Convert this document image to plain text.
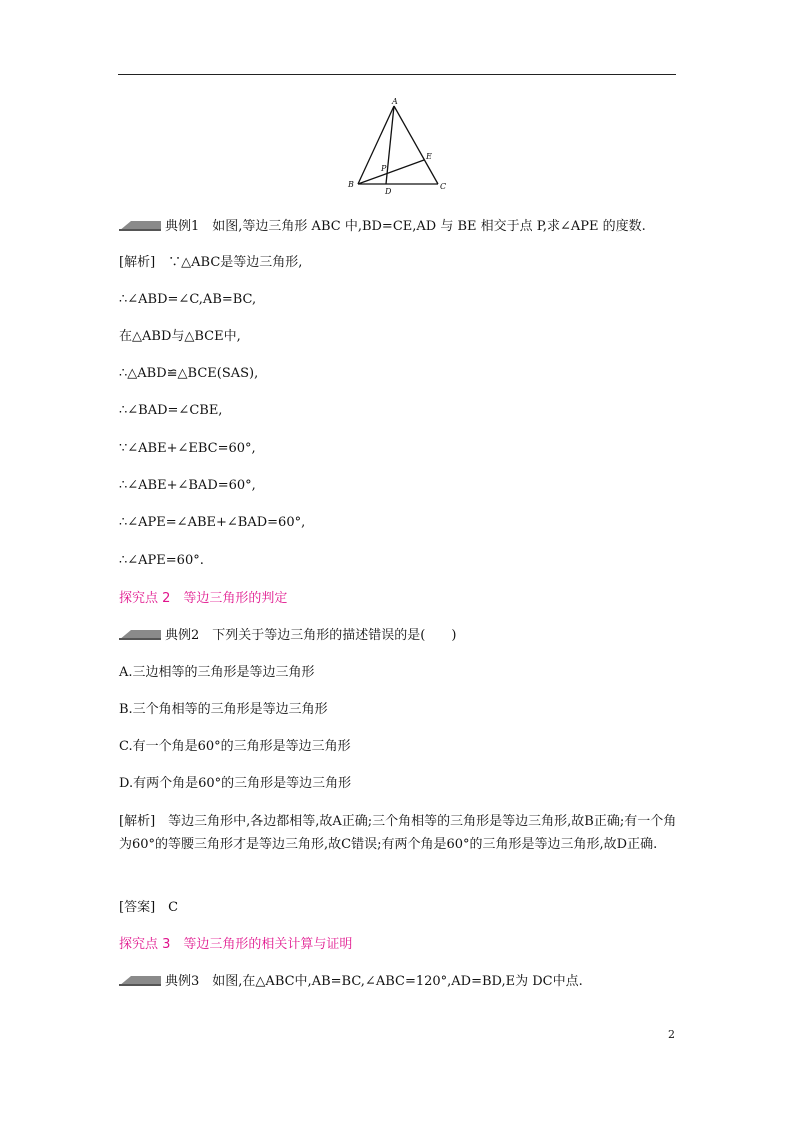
A
B	C
D
E
P
典例1　 如图,等边三角形 ABC 中,BD=CE,AD 与 BE 相交于点 P,求∠APE 的度数.
[解析]　∵△ABC是等边三角形,
∴∠ABD=∠C,AB=BC,
在△ABD与△BCE中,
∴△ABD≌△BCE(SAS),
∴∠BAD=∠CBE,
∵∠ABE+∠EBC=60°,
∴∠ABE+∠BAD=60°,
∴∠APE=∠ABE+∠BAD=60°,
∴∠APE=60°.
探究点 2　等边三角形的判定
典例2　 下列关于等边三角形的描述错误的是(　　)
A.三边相等的三角形是等边三角形
B.三个角相等的三角形是等边三角形
C.有一个角是60°的三角形是等边三角形
D.有两个角是60°的三角形是等边三角形
[解析]　等边三角形中,各边都相等,故A正确;三个角相等的三角形是等边三角形,故B正确;有一个角为60°的等腰三角形才是等边三角形,故C错误;有两个角是60°的三角形是等边三角形,故D正确.
[答案]　C
探究点 3　等边三角形的相关计算与证明
典例3　 如图,在△ABC中,AB=BC,∠ABC=120°,AD=BD,E为 DC中点.
2
